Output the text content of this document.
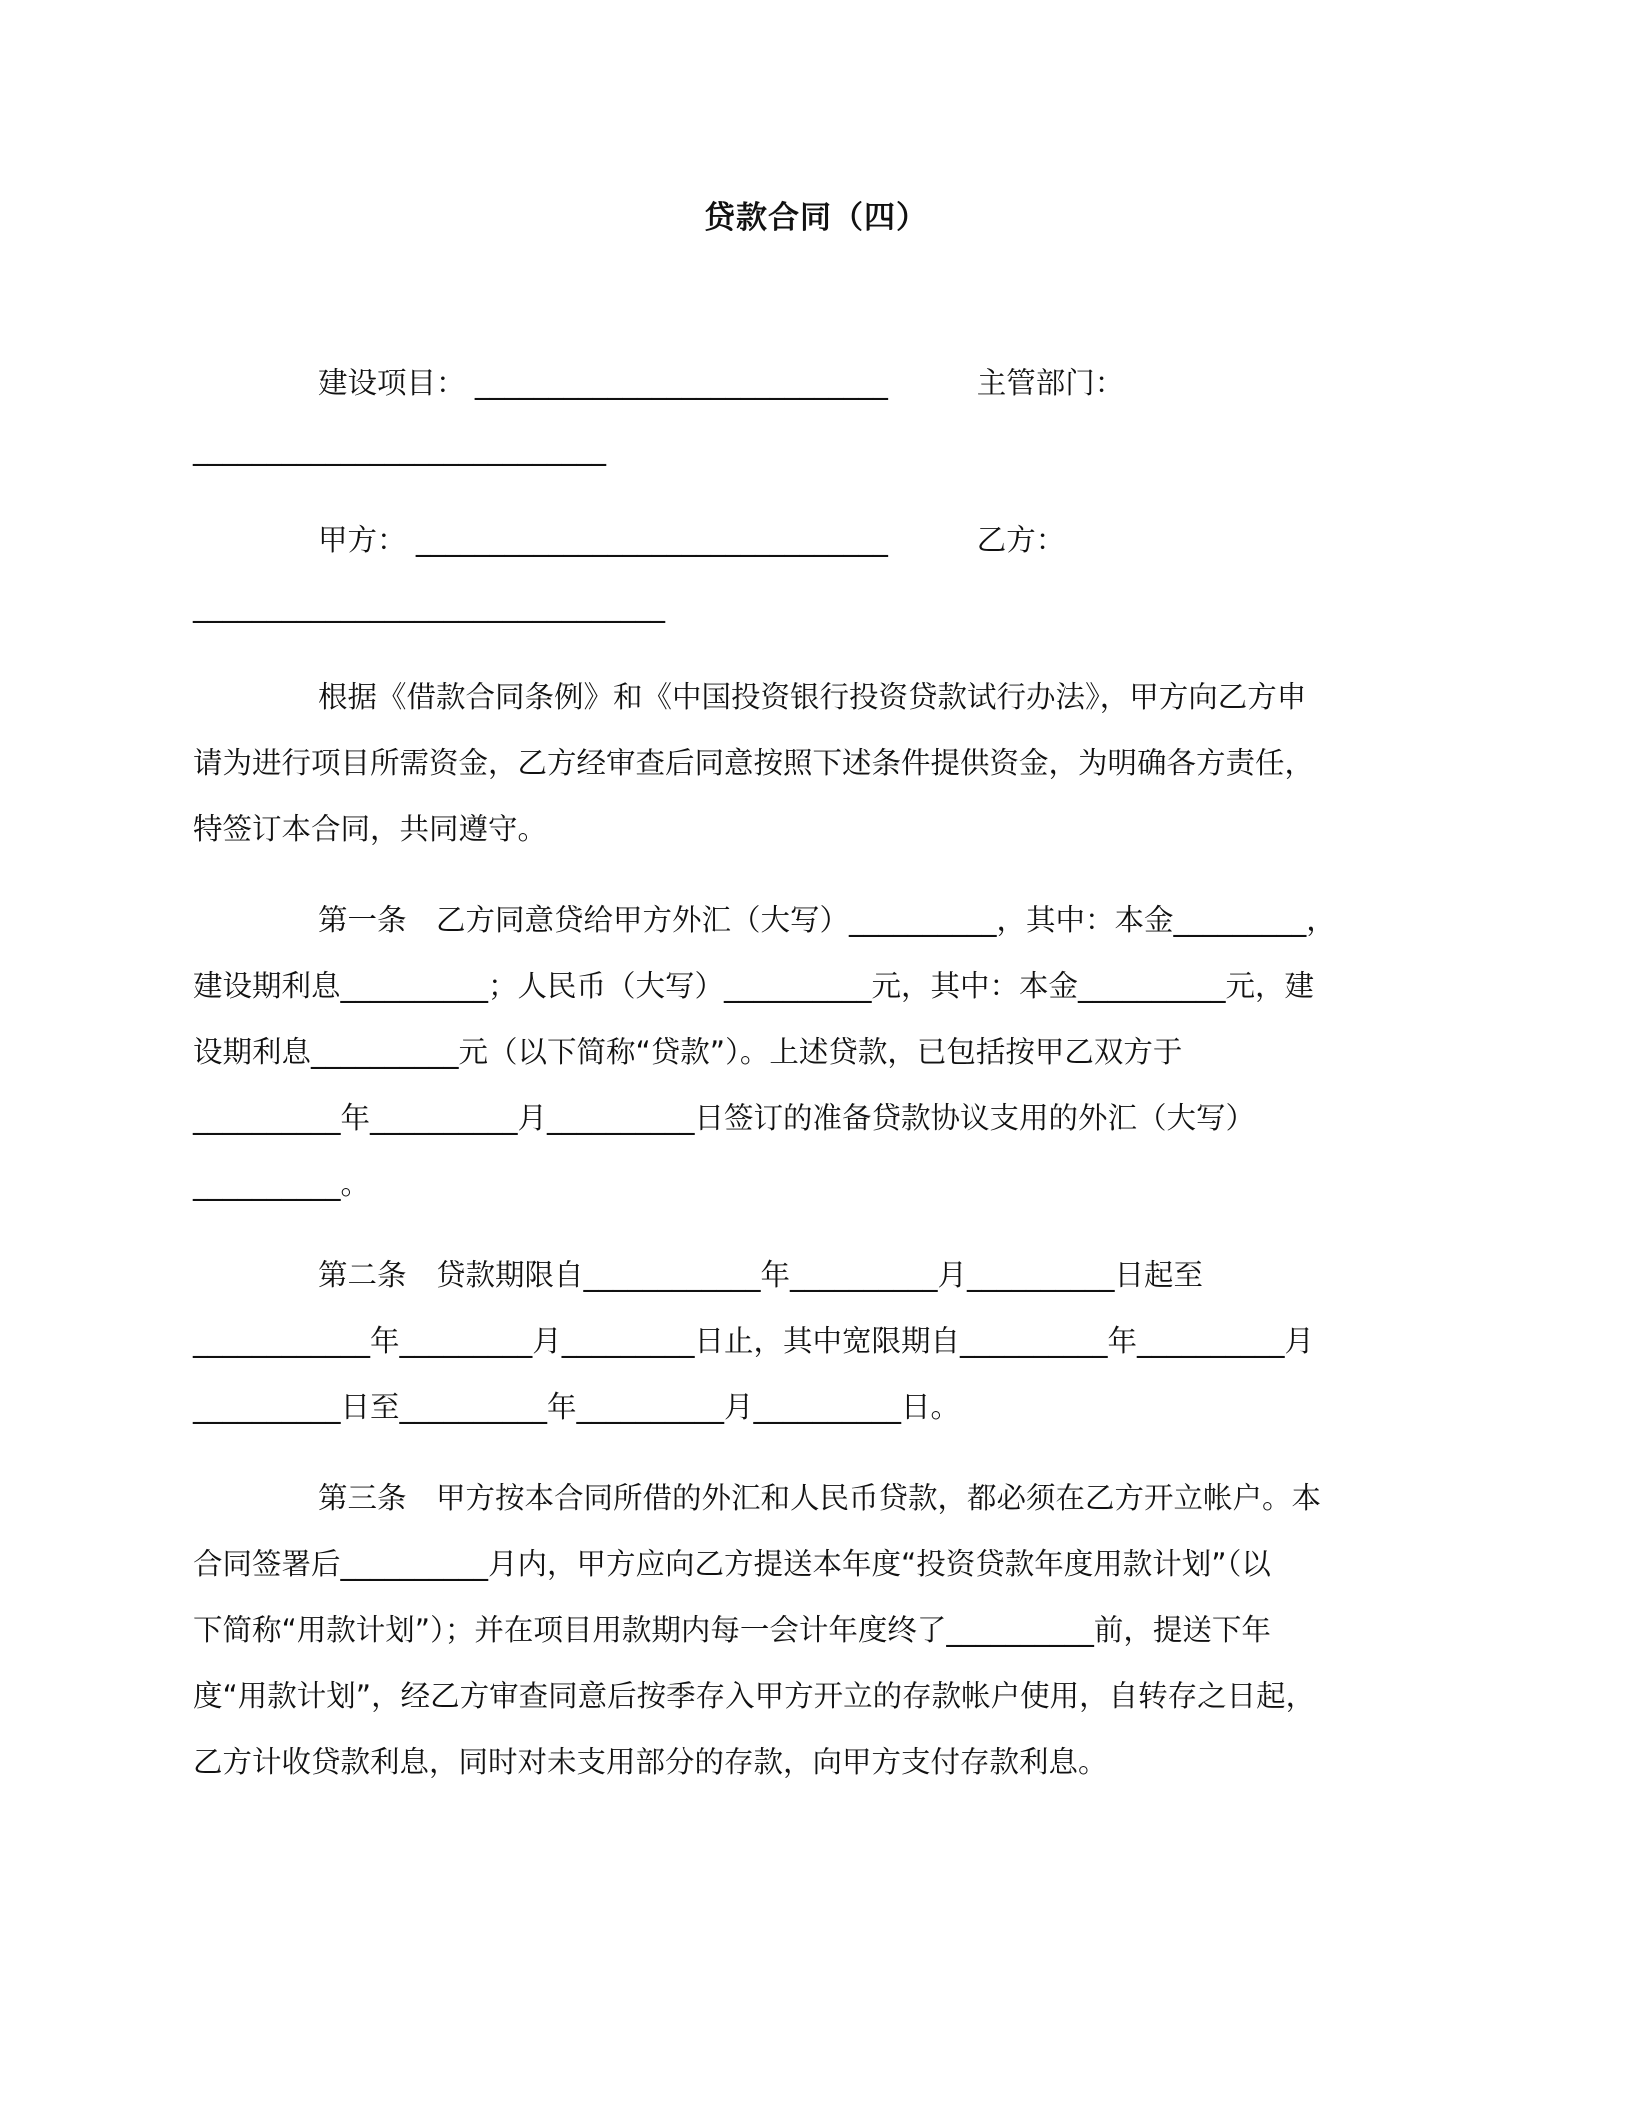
贷款合同（四）
建设项目： ____________________________	主管部门：
____________________________
甲方： ________________________________	乙方：
________________________________
根据《借款合同条例》和《中国投资银行投资贷款试行办法》，甲方向乙方申
请为进行项目所需资金，乙方经审查后同意按照下述条件提供资金，为明确各方责任，
特签订本合同，共同遵守。
第一条　乙方同意贷给甲方外汇（大写）__________，其中：本金_________，
建设期利息__________；人民币（大写）__________元，其中：本金__________元，建
设期利息__________元（以下简称“贷款”）。上述贷款，已包括按甲乙双方于
__________年__________月__________日签订的准备贷款协议支用的外汇（大写）
__________。
第二条　贷款期限自____________年__________月__________日起至
____________年_________月_________日止，其中宽限期自__________年__________月
__________日至__________年__________月__________日。
第三条　甲方按本合同所借的外汇和人民币贷款，都必须在乙方开立帐户。本
合同签署后__________月内，甲方应向乙方提送本年度“投资贷款年度用款计划”（以
下简称“用款计划”）；并在项目用款期内每一会计年度终了__________前，提送下年
度“用款计划”，经乙方审查同意后按季存入甲方开立的存款帐户使用，自转存之日起，
乙方计收贷款利息，同时对未支用部分的存款，向甲方支付存款利息。
